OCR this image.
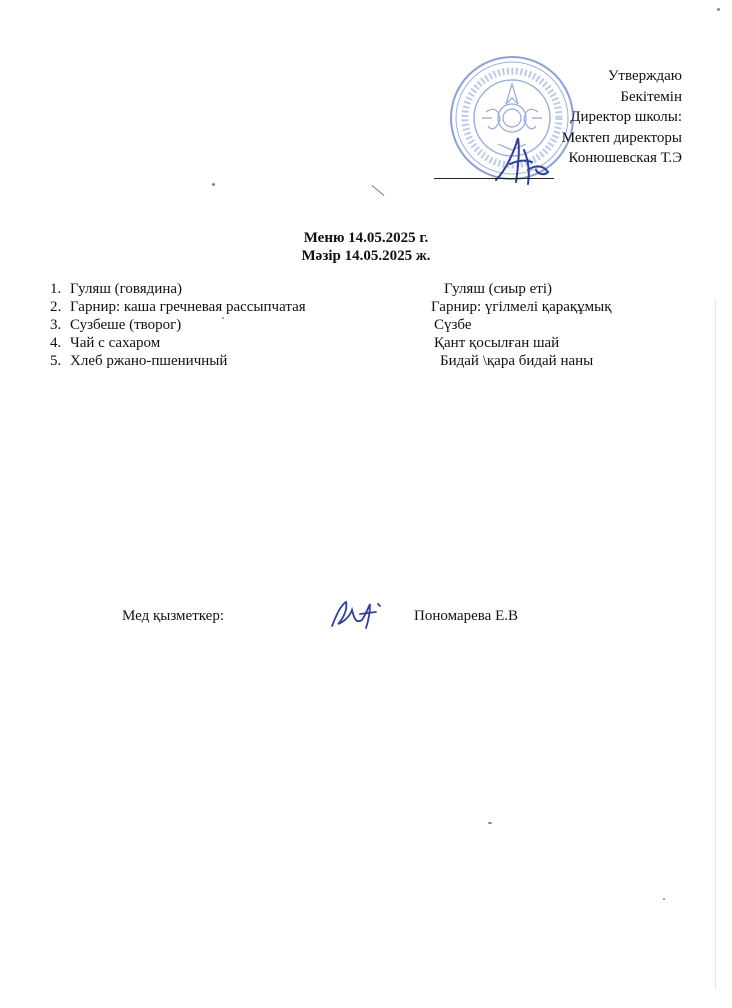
Утверждаю
Бекітемін
Директор школы:
Мектеп директоры
Конюшевская Т.Э
Меню 14.05.2025 г.
Мәзір 14.05.2025 ж.
1. Гуляш (говядина)	Гуляш (сиыр еті)
2. Гарнир: каша гречневая рассыпчатая	Гарнир: үгілмелі қарақұмық
3. Сузбеше (творог)	Сүзбе
4. Чай с сахаром	Қант қосылған шай
5. Хлеб ржано-пшеничный	Бидай \қара бидай наны
Мед қызметкер:	Пономарева Е.В
